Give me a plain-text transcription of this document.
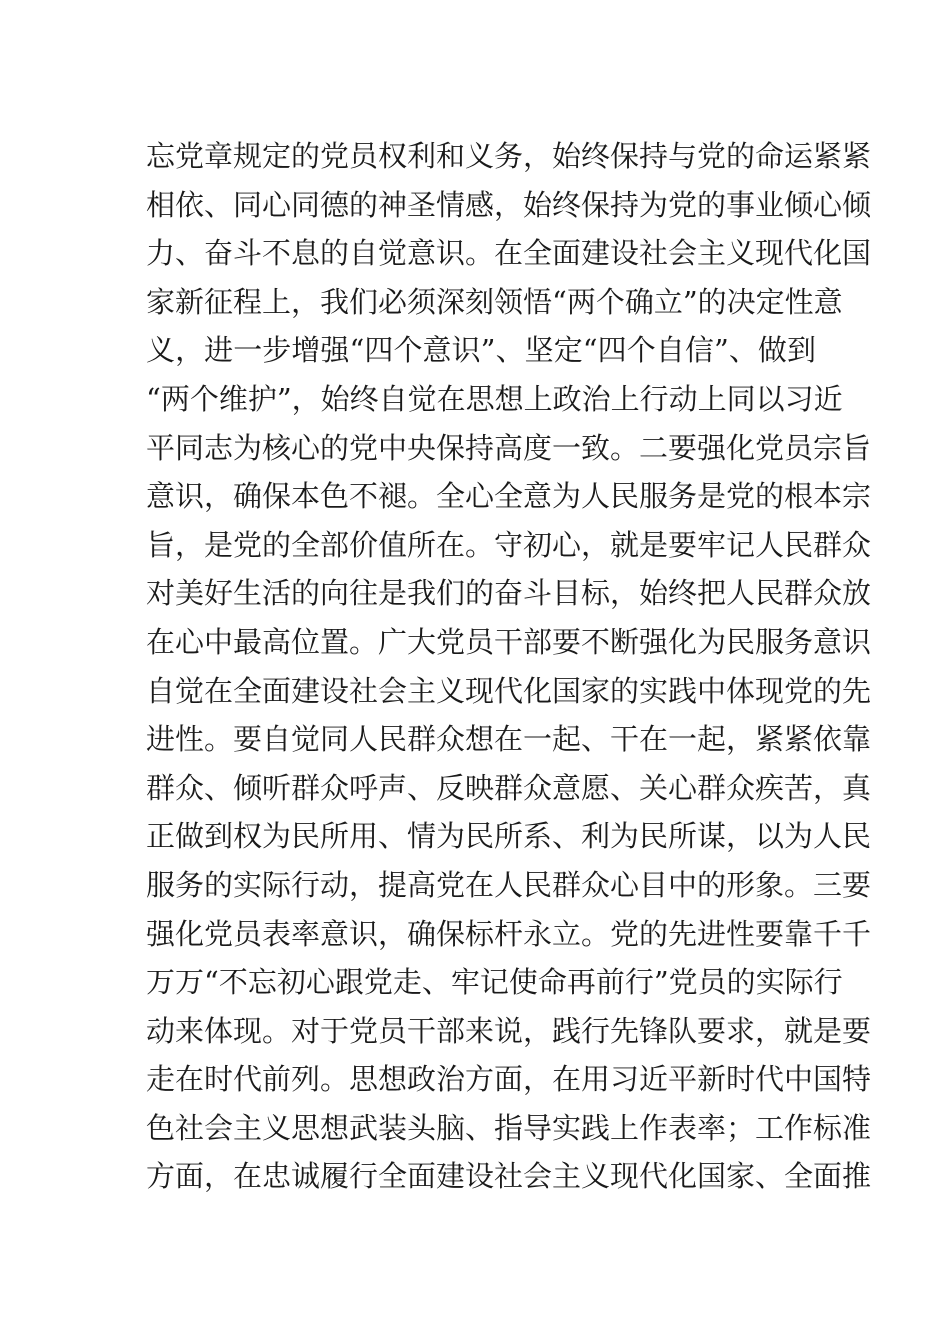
忘党章规定的党员权利和义务，始终保持与党的命运紧紧
相依、同心同德的神圣情感，始终保持为党的事业倾心倾
力、奋斗不息的自觉意识。在全面建设社会主义现代化国
家新征程上，我们必须深刻领悟“两个确立”的决定性意
义，进一步增强“四个意识”、坚定“四个自信”、做到
“两个维护”，始终自觉在思想上政治上行动上同以习近
平同志为核心的党中央保持高度一致。二要强化党员宗旨
意识，确保本色不褪。全心全意为人民服务是党的根本宗
旨，是党的全部价值所在。守初心，就是要牢记人民群众
对美好生活的向往是我们的奋斗目标，始终把人民群众放
在心中最高位置。广大党员干部要不断强化为民服务意识
自觉在全面建设社会主义现代化国家的实践中体现党的先
进性。要自觉同人民群众想在一起、干在一起，紧紧依靠
群众、倾听群众呼声、反映群众意愿、关心群众疾苦，真
正做到权为民所用、情为民所系、利为民所谋，以为人民
服务的实际行动，提高党在人民群众心目中的形象。三要
强化党员表率意识，确保标杆永立。党的先进性要靠千千
万万“不忘初心跟党走、牢记使命再前行”党员的实际行
动来体现。对于党员干部来说，践行先锋队要求，就是要
走在时代前列。思想政治方面，在用习近平新时代中国特
色社会主义思想武装头脑、指导实践上作表率；工作标准
方面，在忠诚履行全面建设社会主义现代化国家、全面推
